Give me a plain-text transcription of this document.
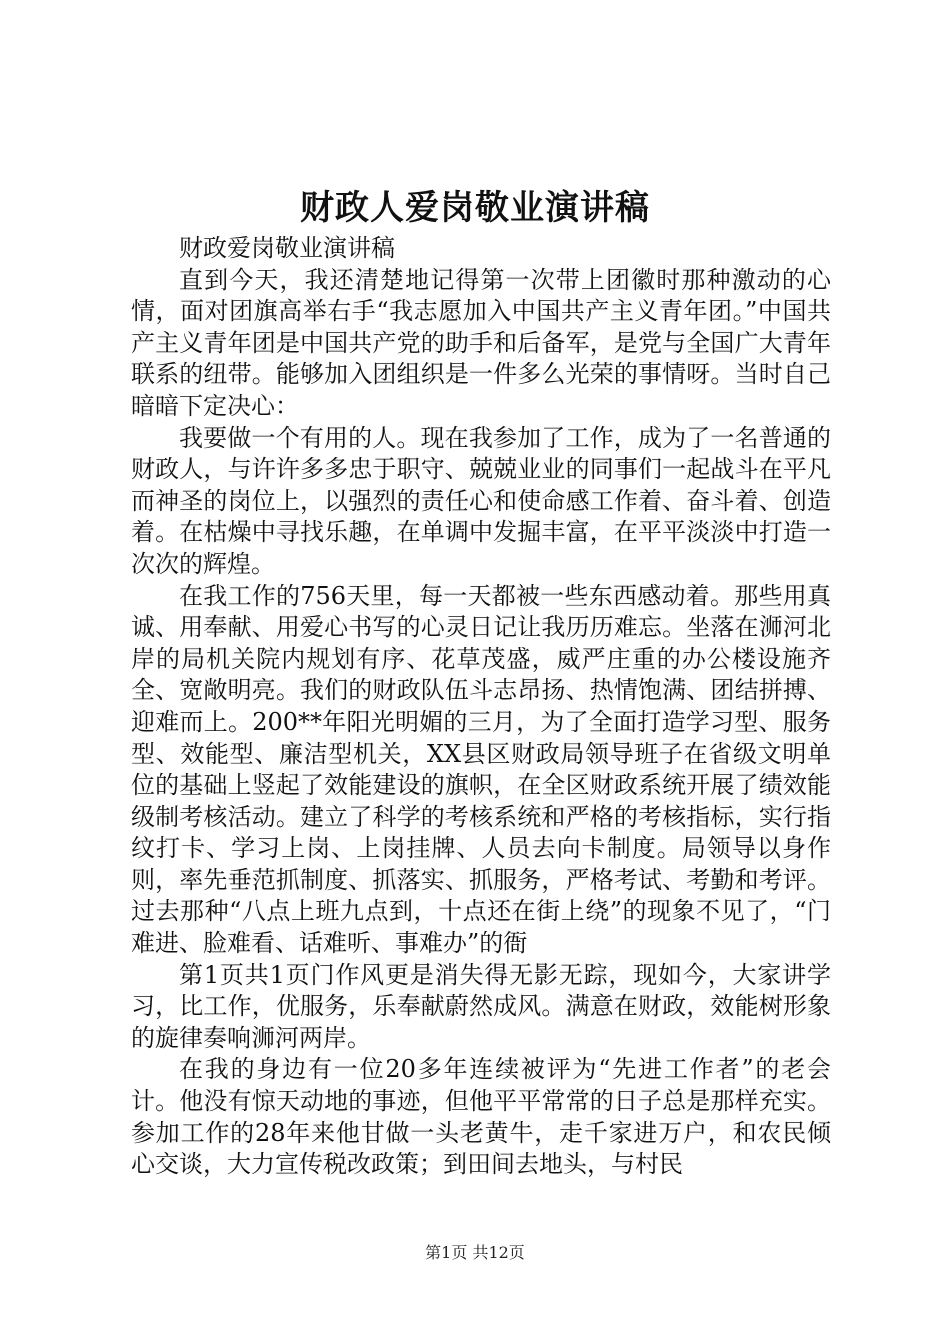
财政人爱岗敬业演讲稿

财政爱岗敬业演讲稿

直到今天，我还清楚地记得第一次带上团徽时那种激动的心情，面对团旗高举右手“我志愿加入中国共产主义青年团。”中国共产主义青年团是中国共产党的助手和后备军，是党与全国广大青年联系的纽带。能够加入团组织是一件多么光荣的事情呀。当时自己暗暗下定决心：

我要做一个有用的人。现在我参加了工作，成为了一名普通的财政人，与许许多多忠于职守、兢兢业业的同事们一起战斗在平凡而神圣的岗位上，以强烈的责任心和使命感工作着、奋斗着、创造着。在枯燥中寻找乐趣，在单调中发掘丰富，在平平淡淡中打造一次次的辉煌。

在我工作的756天里，每一天都被一些东西感动着。那些用真诚、用奉献、用爱心书写的心灵日记让我历历难忘。坐落在浉河北岸的局机关院内规划有序、花草茂盛，威严庄重的办公楼设施齐全、宽敞明亮。我们的财政队伍斗志昂扬、热情饱满、团结拼搏、迎难而上。200**年阳光明媚的三月，为了全面打造学习型、服务型、效能型、廉洁型机关，XX县区财政局领导班子在省级文明单位的基础上竖起了效能建设的旗帜，在全区财政系统开展了绩效能级制考核活动。建立了科学的考核系统和严格的考核指标，实行指纹打卡、学习上岗、上岗挂牌、人员去向卡制度。局领导以身作则，率先垂范抓制度、抓落实、抓服务，严格考试、考勤和考评。过去那种“八点上班九点到，十点还在街上绕”的现象不见了，“门难进、脸难看、话难听、事难办”的衙

第1页共1页门作风更是消失得无影无踪，现如今，大家讲学习，比工作，优服务，乐奉献蔚然成风。满意在财政，效能树形象的旋律奏响浉河两岸。

在我的身边有一位20多年连续被评为“先进工作者”的老会计。他没有惊天动地的事迹，但他平平常常的日子总是那样充实。参加工作的28年来他甘做一头老黄牛，走千家进万户，和农民倾心交谈，大力宣传税改政策；到田间去地头，与村民

第1页 共12页
